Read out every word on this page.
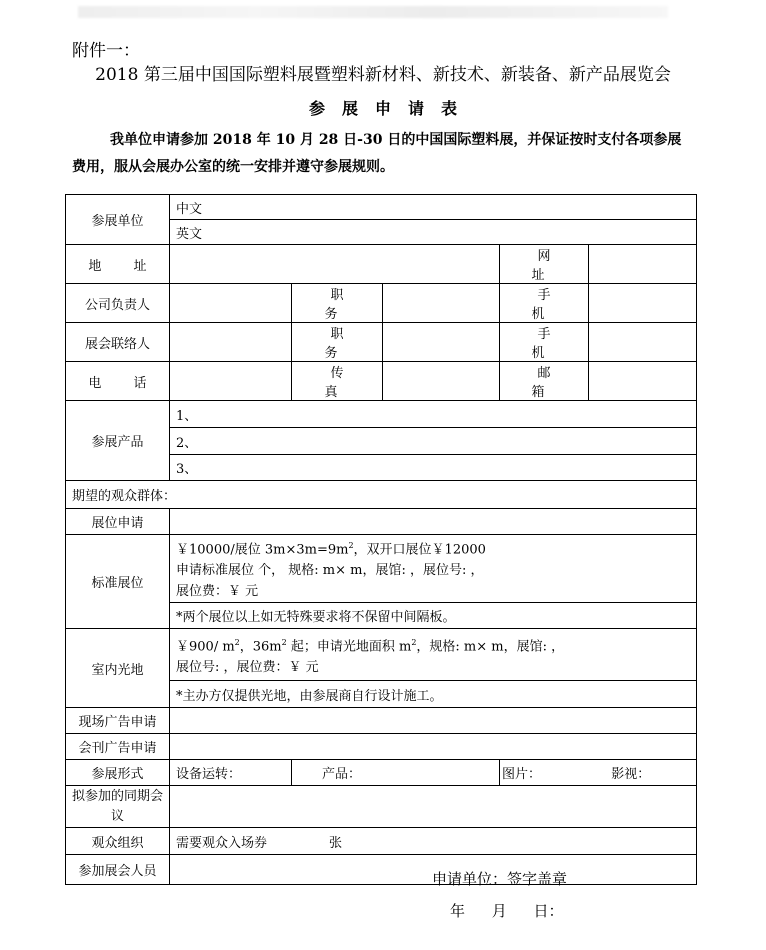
附件一：
2018 第三届中国国际塑料展暨塑料新材料、新技术、新装备、新产品展览会
参展申请表
我单位申请参加 2018 年 10 月 28 日-30 日的中国国际塑料展，并保证按时支付各项参展费用，服从会展办公室的统一安排并遵守参展规则。
参展单位	中文				
	英文				
地 址				网 址	
公司负责人		职 务		手 机	
展会联络人		职 务		手 机	
电 话		传 真		邮 箱	
参展产品	1、				
	2、				
	3、				
期望的观众群体：					
展位申请					
标准展位	￥10000/展位 $3m\times 3m=9m^2$，双开口展位￥12000
申请标准展位 个， 规格: m× m，展馆: ，展位号: ，
展位费：￥ 元				

	*两个展位以上如无特殊要求将不保留中间隔板。				
室内光地	￥900/ $m^2$，$36m^2$ 起；申请光地面积 $m^2$，规格: m× m，展馆: ，
展位号: ，展位费：￥ 元				

	*主办方仅提供光地，由参展商自行设计施工。				
现场广告申请					
会刊广告申请					
参展形式	设备运转：	产品：		图片： 影视：	
拟参加的同期会议					
观众组织	需要观众入场券 张				
参加展会人员						申请单位：签字盖章
年 月 日：
